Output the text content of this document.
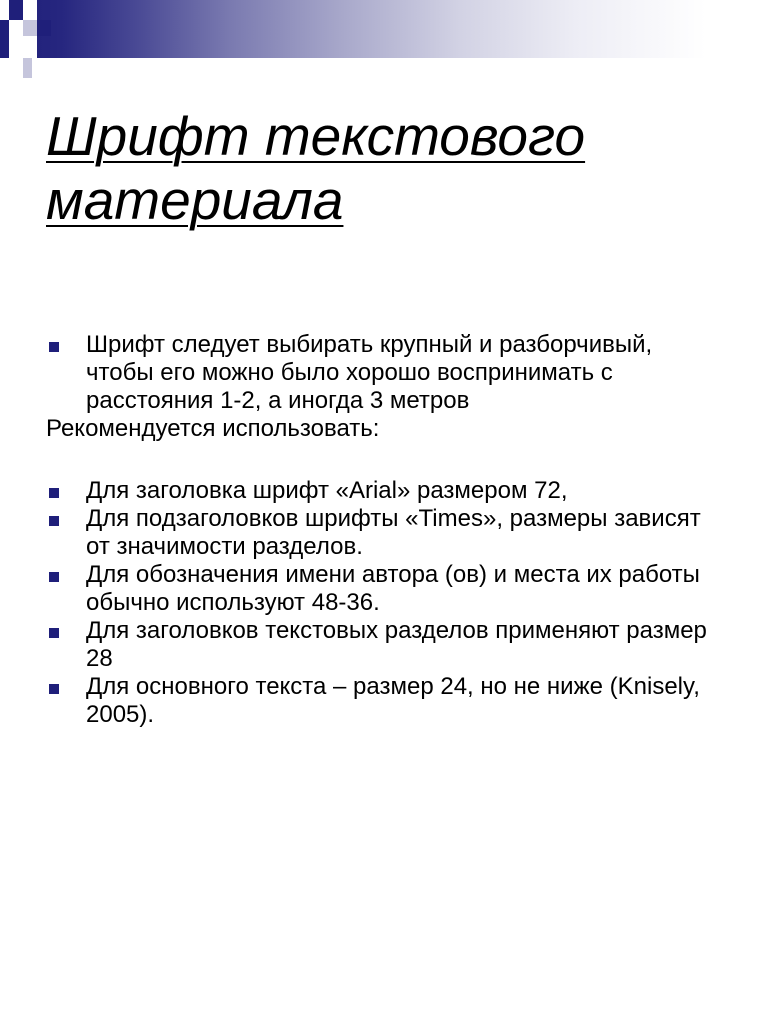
Шрифт текстового
материала
Шрифт следует выбирать крупный и разборчивый, чтобы его можно было хорошо воспринимать с расстояния 1-2, а иногда 3 метров

Рекомендуется использовать:

Для заголовка шрифт «Arial» размером 72,
Для подзаголовков шрифты «Times», размеры зависят от значимости разделов.
Для обозначения имени автора (ов) и места их работы обычно используют 48-36.
Для заголовков текстовых разделов применяют размер 28
Для основного текста – размер 24, но не ниже (Knisely, 2005).
